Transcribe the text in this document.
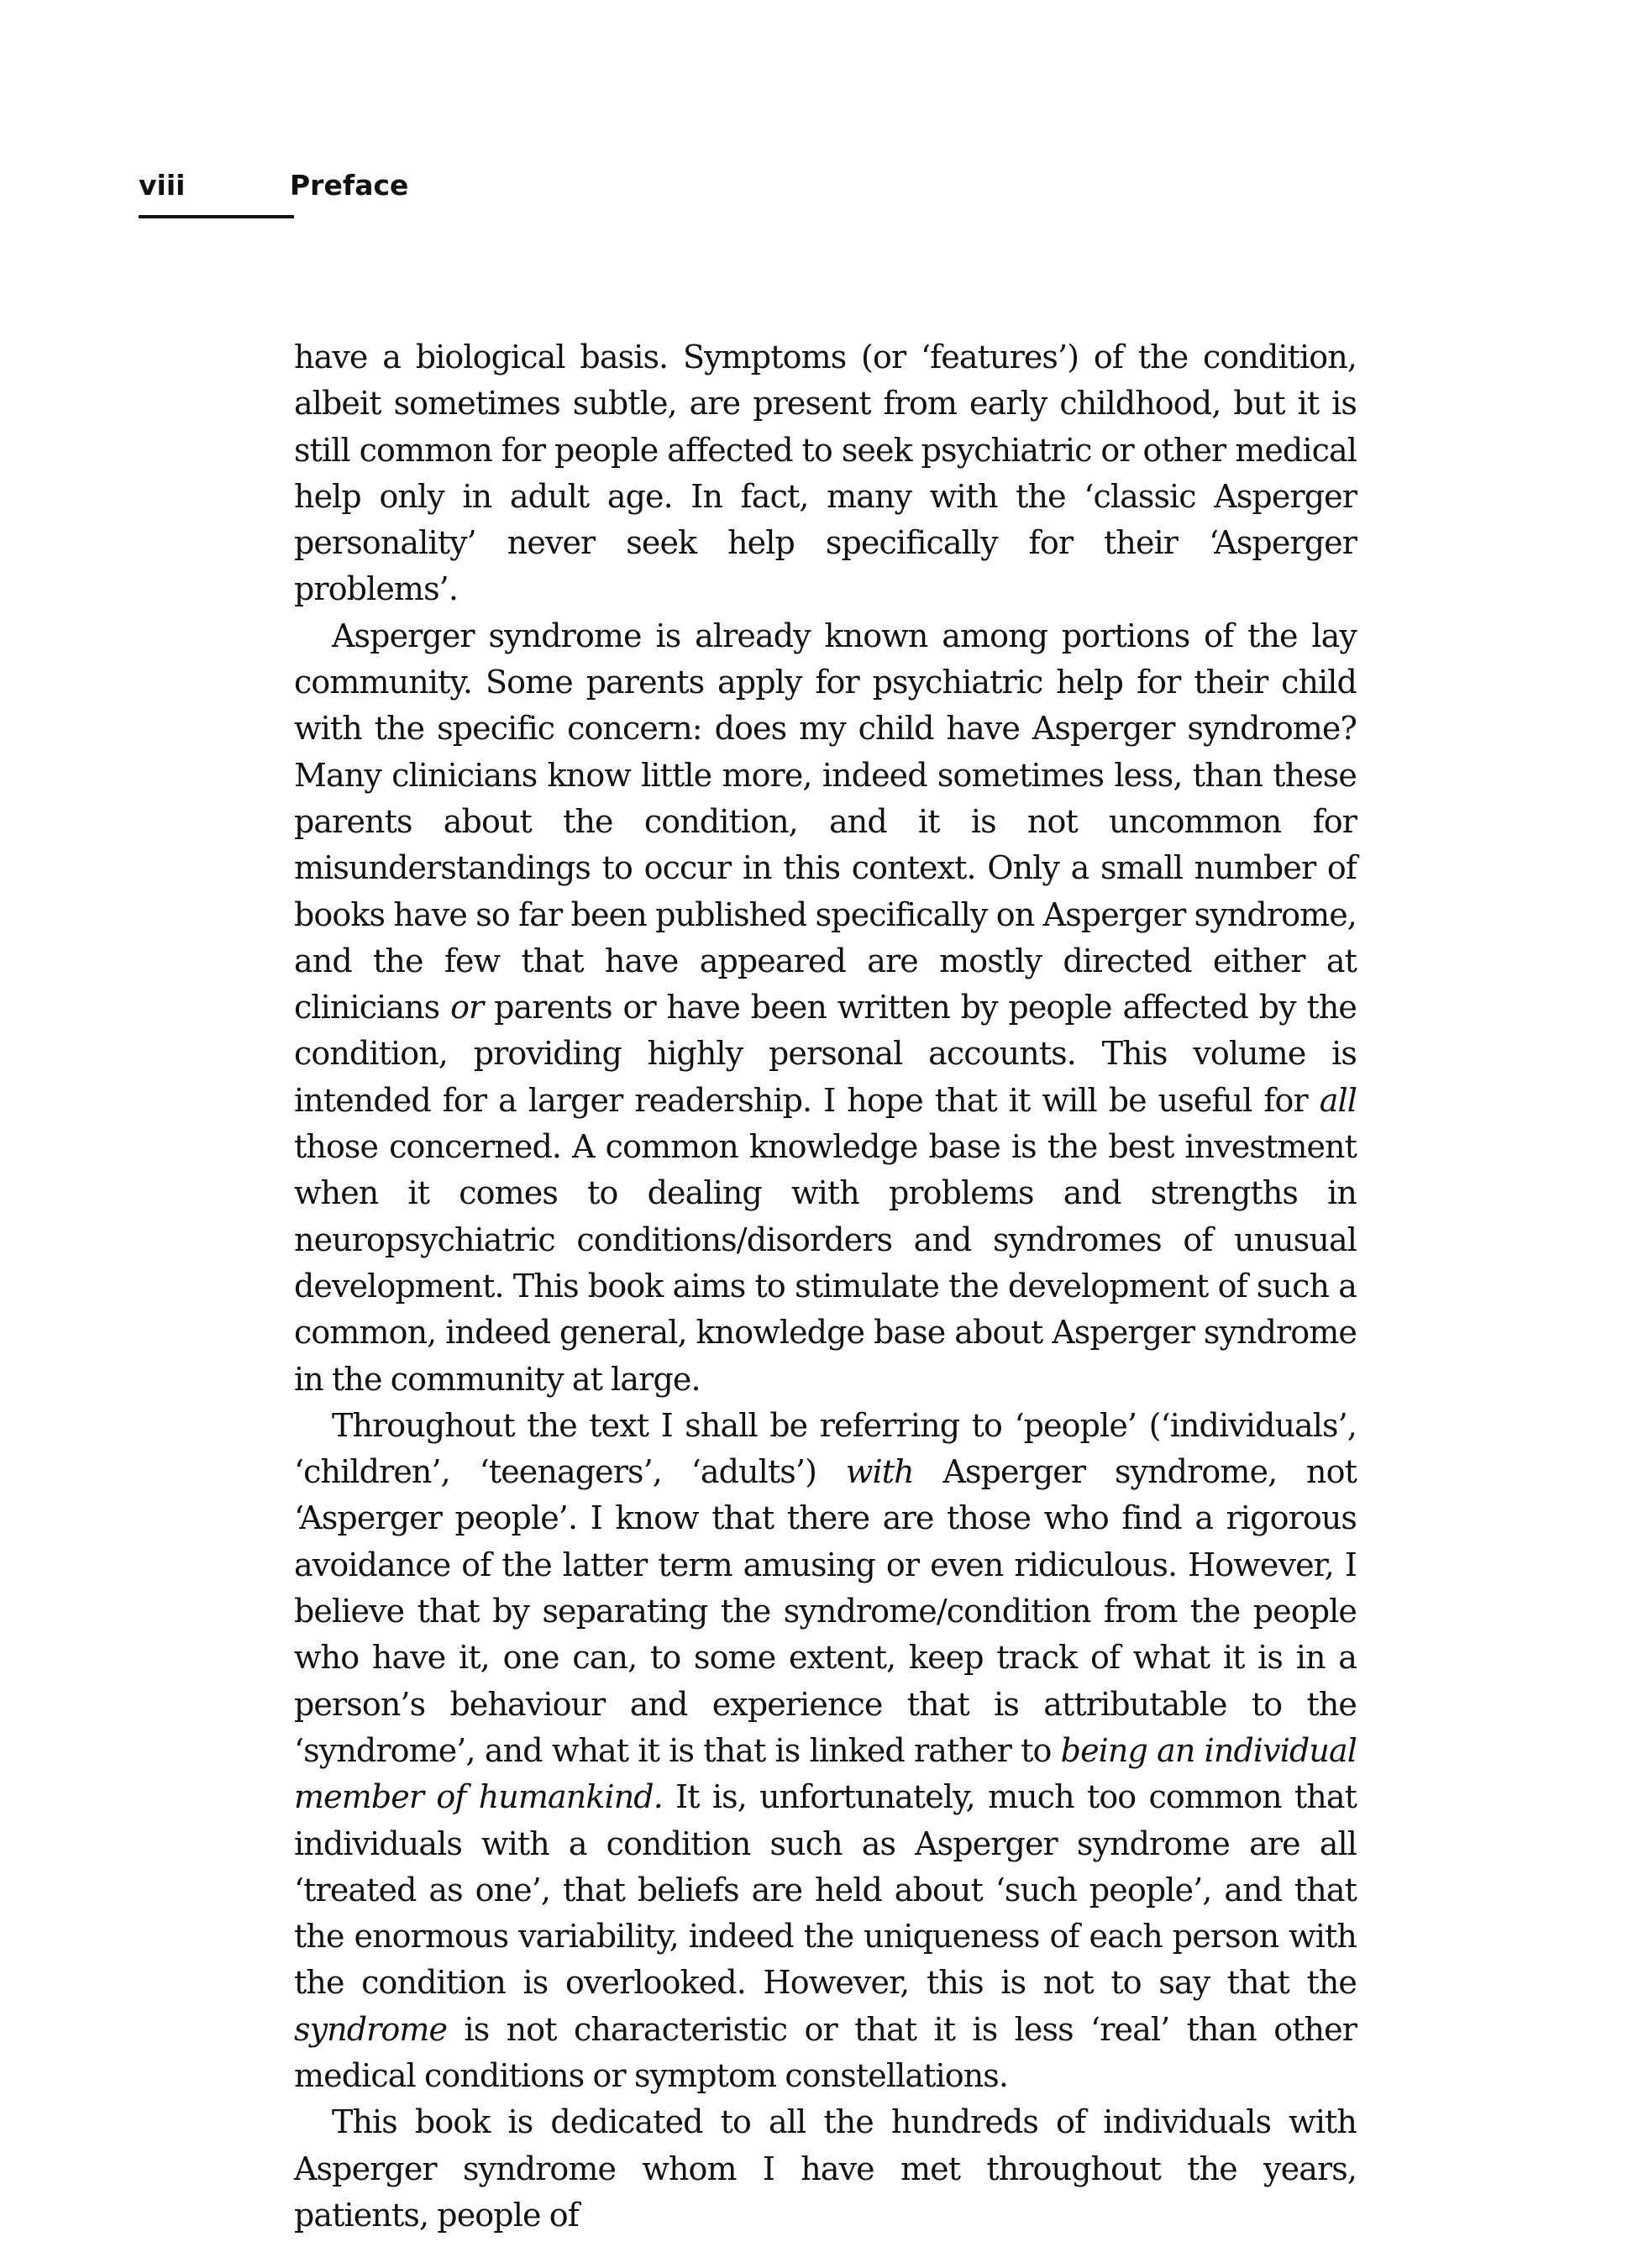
viii	Preface

have a biological basis. Symptoms (or ‘features’) of the condition, albeit sometimes subtle, are present from early childhood, but it is still common for people affected to seek psychiatric or other medical help only in adult age. In fact, many with the ‘classic Asperger personality’ never seek help specifically for their ‘Asperger problems’.

Asperger syndrome is already known among portions of the lay community. Some parents apply for psychiatric help for their child with the specific concern: does my child have Asperger syndrome? Many clinicians know little more, indeed sometimes less, than these parents about the condition, and it is not uncommon for misunderstandings to occur in this context. Only a small number of books have so far been published specifically on Asperger syndrome, and the few that have appeared are mostly directed either at clinicians or parents or have been written by people affected by the condition, providing highly personal accounts. This volume is intended for a larger readership. I hope that it will be useful for all those concerned. A common knowledge base is the best investment when it comes to dealing with problems and strengths in neuropsychiatric conditions/disorders and syndromes of unusual development. This book aims to stimulate the development of such a common, indeed general, knowledge base about Asperger syndrome in the community at large.

Throughout the text I shall be referring to ‘people’ (‘individuals’, ‘children’, ‘teenagers’, ‘adults’) with Asperger syndrome, not ‘Asperger people’. I know that there are those who find a rigorous avoidance of the latter term amusing or even ridiculous. However, I believe that by separating the syndrome/condition from the people who have it, one can, to some extent, keep track of what it is in a person’s behaviour and experience that is attributable to the ‘syndrome’, and what it is that is linked rather to being an individual member of humankind. It is, unfortunately, much too common that individuals with a condition such as Asperger syndrome are all ‘treated as one’, that beliefs are held about ‘such people’, and that the enormous variability, indeed the uniqueness of each person with the condition is overlooked. However, this is not to say that the syndrome is not characteristic or that it is less ‘real’ than other medical conditions or symptom constellations.

This book is dedicated to all the hundreds of individuals with Asperger syndrome whom I have met throughout the years, patients, people of
